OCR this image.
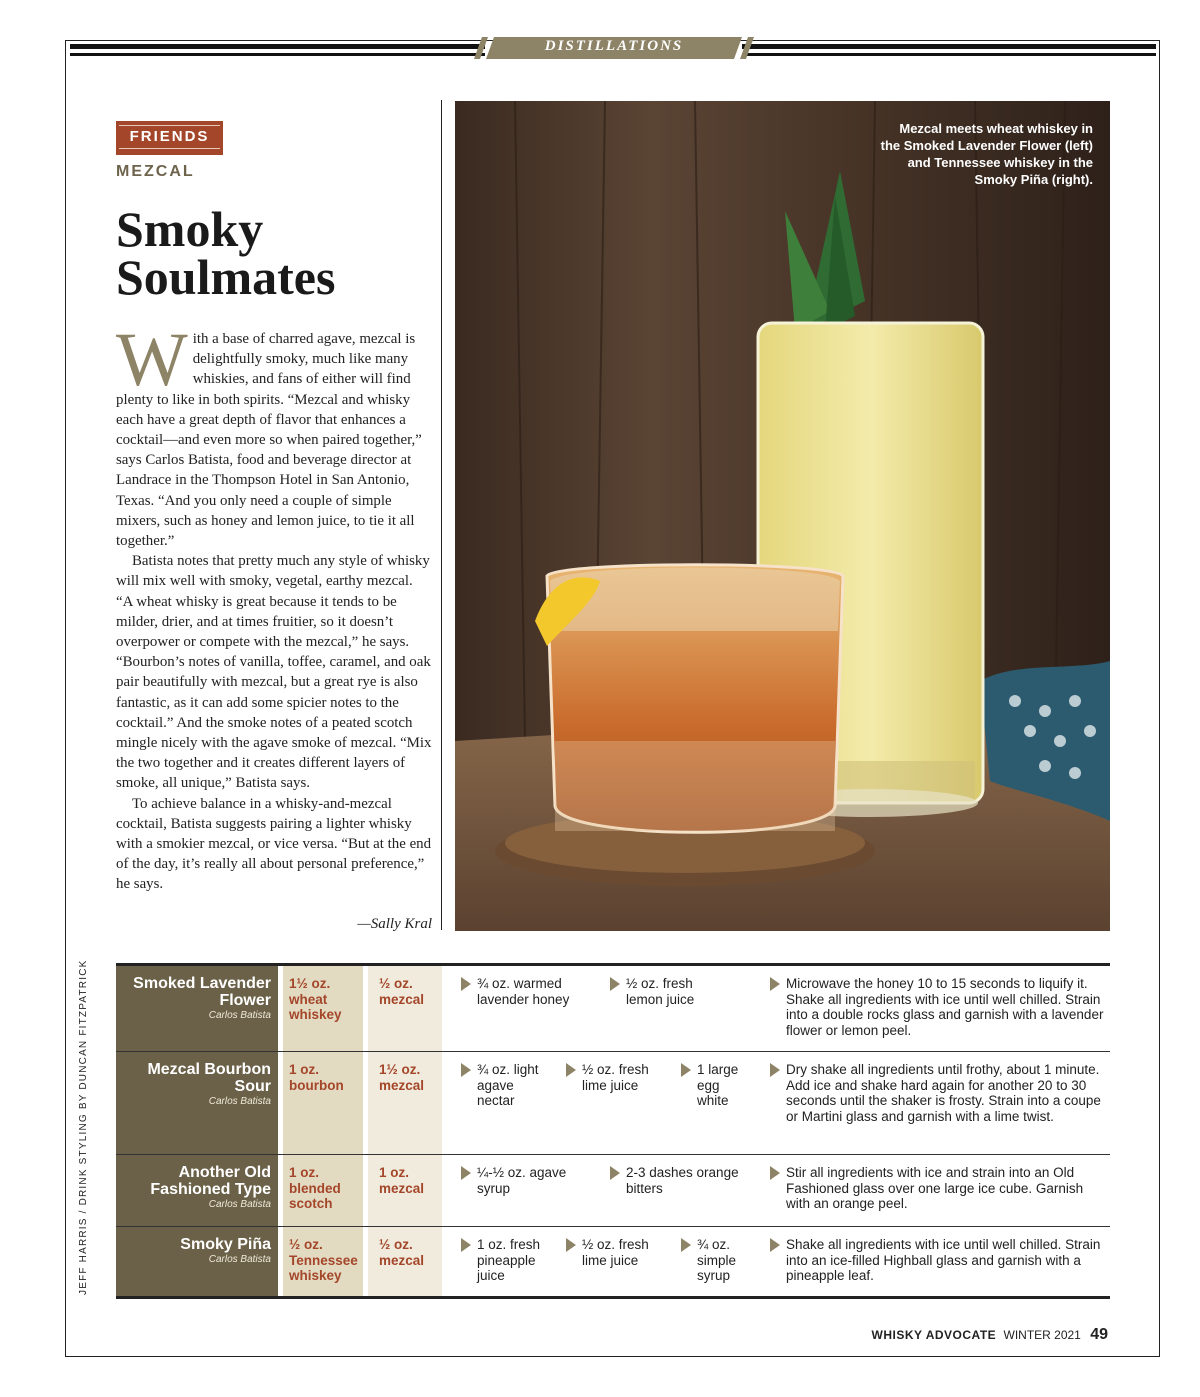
DISTILLATIONS
FRIENDS
MEZCAL
Smoky Soulmates

With a base of charred agave, mezcal is delightfully smoky, much like many whiskies, and fans of either will find plenty to like in both spirits. “Mezcal and whisky each have a great depth of flavor that enhances a cocktail—and even more so when paired together,” says Carlos Batista, food and beverage director at Landrace in the Thompson Hotel in San Antonio, Texas. “And you only need a couple of simple mixers, such as honey and lemon juice, to tie it all together.”

Batista notes that pretty much any style of whisky will mix well with smoky, vegetal, earthy mezcal. “A wheat whisky is great because it tends to be milder, drier, and at times fruitier, so it doesn’t overpower or compete with the mezcal,” he says. “Bourbon’s notes of vanilla, toffee, caramel, and oak pair beautifully with mezcal, but a great rye is also fantastic, as it can add some spicier notes to the cocktail.” And the smoke notes of a peated scotch mingle nicely with the agave smoke of mezcal. “Mix the two together and it creates different layers of smoke, all unique,” Batista says.

To achieve balance in a whisky-and-mezcal cocktail, Batista suggests pairing a lighter whisky with a smokier mezcal, or vice versa. “But at the end of the day, it’s really all about personal preference,” he says.

—Sally Kral
Mezcal meets wheat whiskey in the Smoked Lavender Flower (left) and Tennessee whiskey in the Smoky Piña (right).
JEFF HARRIS / DRINK STYLING BY DUNCAN FITZPATRICK	Smoked Lavender Flower
Carlos Batista
1½ oz. wheat whiskey
½ oz. mezcal
¾ oz. warmed lavender honey
½ oz. fresh lemon juice
Microwave the honey 10 to 15 seconds to liquify it. Shake all ingredients with ice until well chilled. Strain into a double rocks glass and garnish with a lavender flower or lemon peel.
Mezcal Bourbon Sour
Carlos Batista
1 oz. bourbon
1½ oz. mezcal
¾ oz. light agave nectar
½ oz. fresh lime juice
1 large egg white
Dry shake all ingredients until frothy, about 1 minute. Add ice and shake hard again for another 20 to 30 seconds until the shaker is frosty. Strain into a coupe or Martini glass and garnish with a lime twist.
Another Old Fashioned Type
Carlos Batista
1 oz. blended scotch
1 oz. mezcal
¼-½ oz. agave syrup
2-3 dashes orange bitters
Stir all ingredients with ice and strain into an Old Fashioned glass over one large ice cube. Garnish with an orange peel.
Smoky Piña
Carlos Batista
½ oz. Tennessee whiskey
½ oz. mezcal
1 oz. fresh pineapple juice
½ oz. fresh lime juice
¾ oz. simple syrup
Shake all ingredients with ice until well chilled. Strain into an ice-filled Highball glass and garnish with a pineapple leaf.
WHISKY ADVOCATE WINTER 2021 49
